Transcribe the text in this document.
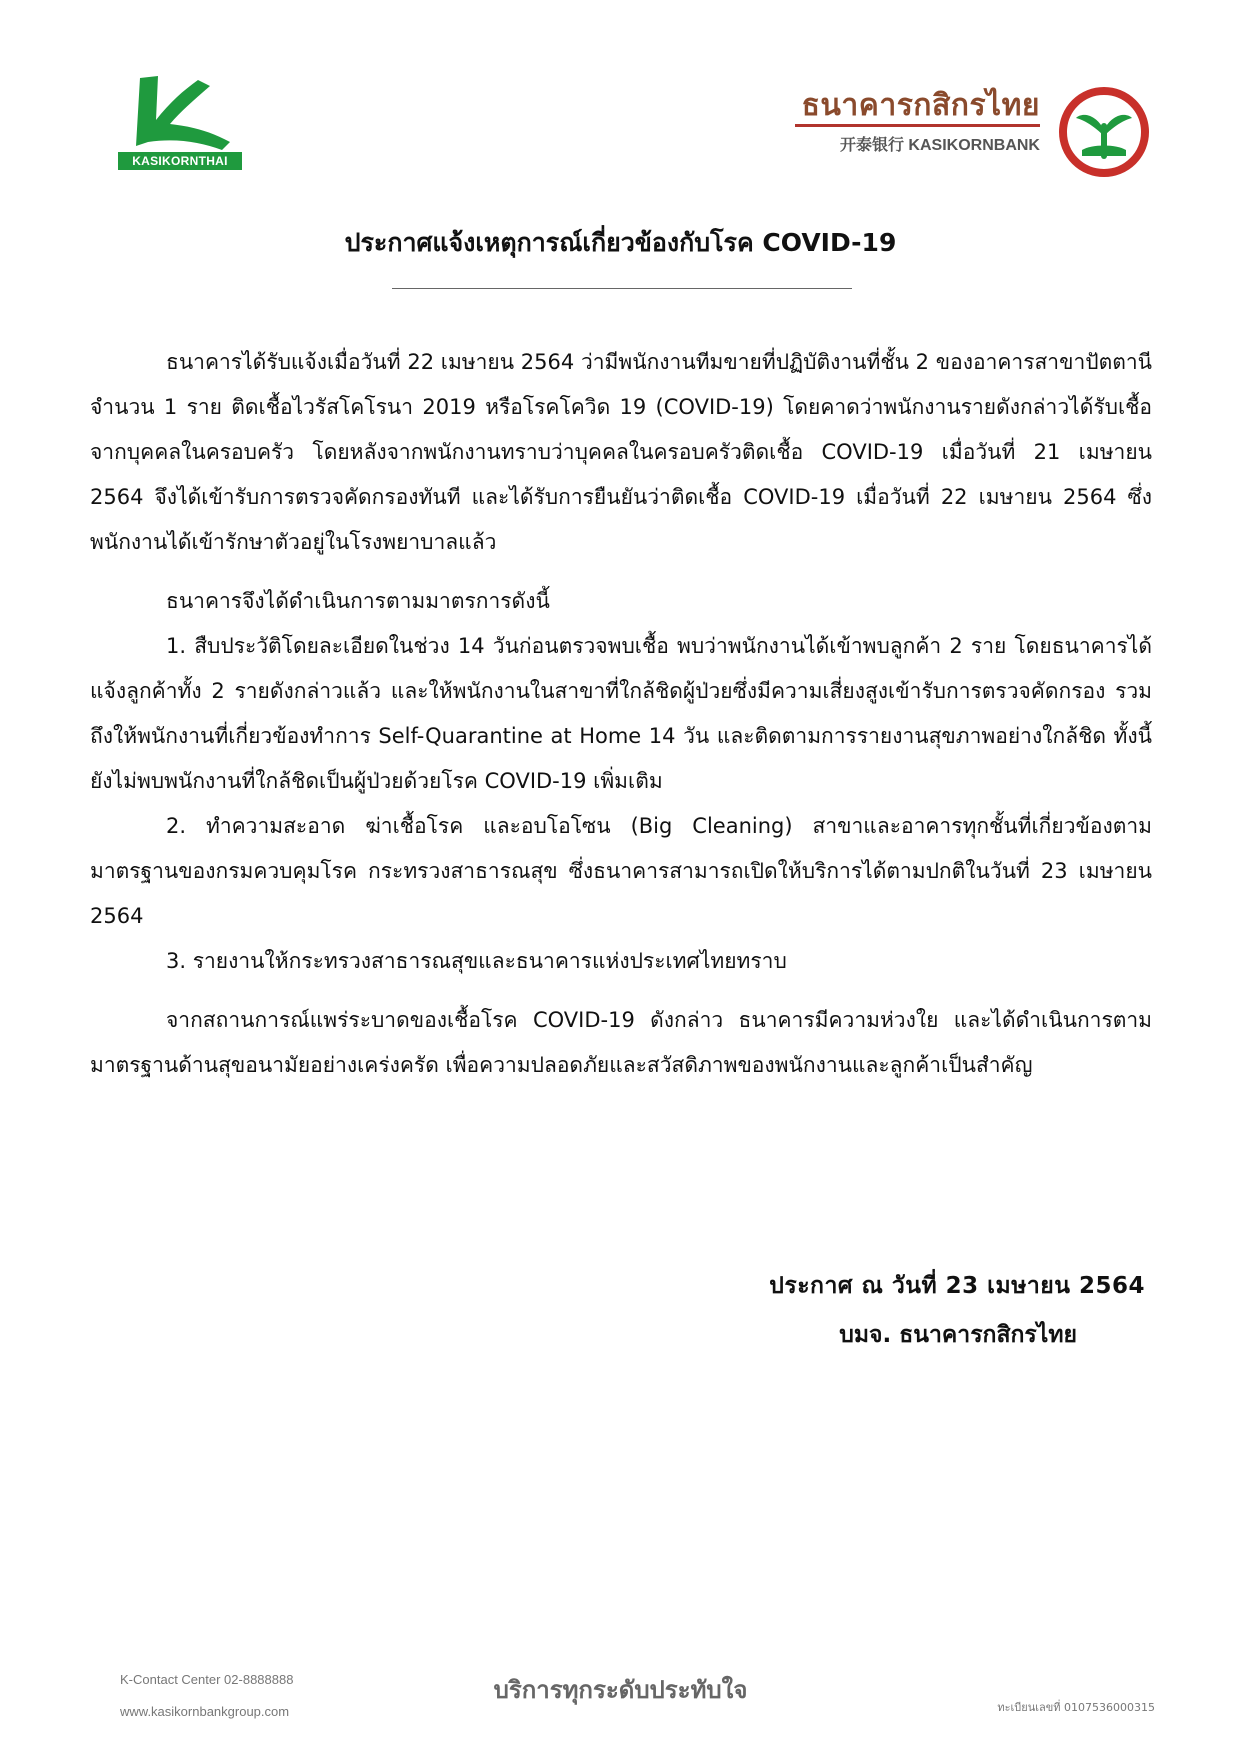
KASIKORNTHAI
ธนาคารกสิกรไทย
开泰银行 KASIKORNBANK
ประกาศแจ้งเหตุการณ์เกี่ยวข้องกับโรค COVID-19

ธนาคารได้รับแจ้งเมื่อวันที่ 22 เมษายน 2564 ว่ามีพนักงานทีมขายที่ปฏิบัติงานที่ชั้น 2 ของอาคารสาขาปัตตานี จำนวน 1 ราย ติดเชื้อไวรัสโคโรนา 2019 หรือโรคโควิด 19 (COVID-19) โดยคาดว่าพนักงานรายดังกล่าวได้รับเชื้อจากบุคคลในครอบครัว โดยหลังจากพนักงานทราบว่าบุคคลในครอบครัวติดเชื้อ COVID-19 เมื่อวันที่ 21 เมษายน 2564 จึงได้เข้ารับการตรวจคัดกรองทันที และได้รับการยืนยันว่าติดเชื้อ COVID-19 เมื่อวันที่ 22 เมษายน 2564 ซึ่งพนักงานได้เข้ารักษาตัวอยู่ในโรงพยาบาลแล้ว

ธนาคารจึงได้ดำเนินการตามมาตรการดังนี้

1. สืบประวัติโดยละเอียดในช่วง 14 วันก่อนตรวจพบเชื้อ พบว่าพนักงานได้เข้าพบลูกค้า 2 ราย โดยธนาคารได้แจ้งลูกค้าทั้ง 2 รายดังกล่าวแล้ว และให้พนักงานในสาขาที่ใกล้ชิดผู้ป่วยซึ่งมีความเสี่ยงสูงเข้ารับการตรวจคัดกรอง รวมถึงให้พนักงานที่เกี่ยวข้องทำการ Self-Quarantine at Home 14 วัน และติดตามการรายงานสุขภาพอย่างใกล้ชิด ทั้งนี้ ยังไม่พบพนักงานที่ใกล้ชิดเป็นผู้ป่วยด้วยโรค COVID-19 เพิ่มเติม

2. ทำความสะอาด ฆ่าเชื้อโรค และอบโอโซน (Big Cleaning) สาขาและอาคารทุกชั้นที่เกี่ยวข้องตามมาตรฐานของกรมควบคุมโรค กระทรวงสาธารณสุข ซึ่งธนาคารสามารถเปิดให้บริการได้ตามปกติในวันที่ 23 เมษายน 2564

3. รายงานให้กระทรวงสาธารณสุขและธนาคารแห่งประเทศไทยทราบ

จากสถานการณ์แพร่ระบาดของเชื้อโรค COVID-19 ดังกล่าว ธนาคารมีความห่วงใย และได้ดำเนินการตามมาตรฐานด้านสุขอนามัยอย่างเคร่งครัด เพื่อความปลอดภัยและสวัสดิภาพของพนักงานและลูกค้าเป็นสำคัญ

ประกาศ ณ วันที่ 23 เมษายน 2564
บมจ. ธนาคารกสิกรไทย
K-Contact Center 02-8888888
www.kasikornbankgroup.com
บริการทุกระดับประทับใจ
ทะเบียนเลขที่ 0107536000315
